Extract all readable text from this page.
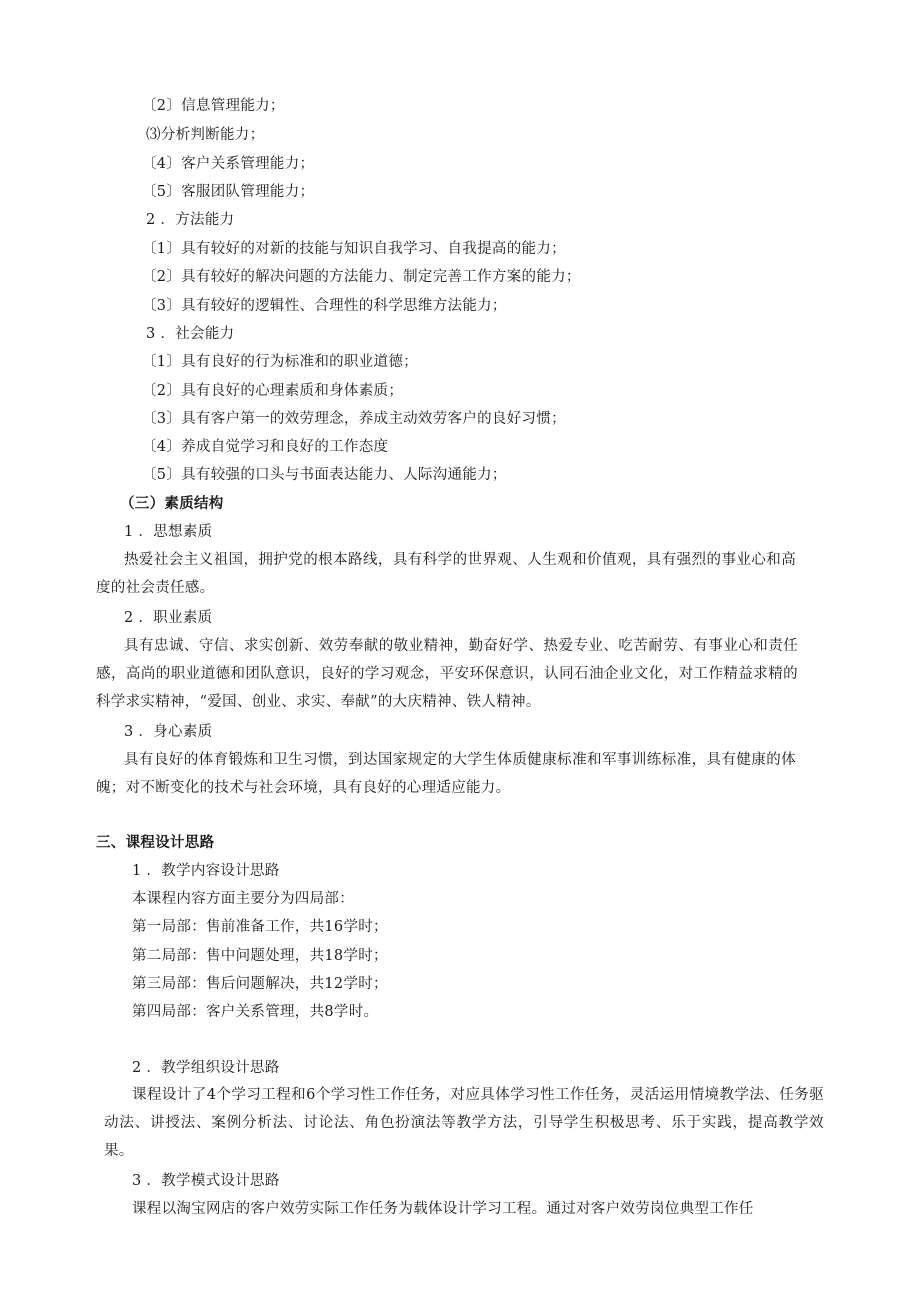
〔2〕信息管理能力；
⑶分析判断能力；
〔4〕客户关系管理能力；
〔5〕客服团队管理能力；
2 ．方法能力
〔1〕具有较好的对新的技能与知识自我学习、自我提高的能力；
〔2〕具有较好的解决问题的方法能力、制定完善工作方案的能力；
〔3〕具有较好的逻辑性、合理性的科学思维方法能力；
3 ．社会能力
〔1〕具有良好的行为标准和的职业道德；
〔2〕具有良好的心理素质和身体素质；
〔3〕具有客户第一的效劳理念，养成主动效劳客户的良好习惯；
〔4〕养成自觉学习和良好的工作态度
〔5〕具有较强的口头与书面表达能力、人际沟通能力；
（三）素质结构
1 ．思想素质
热爱社会主义祖国，拥护党的根本路线，具有科学的世界观、人生观和价值观，具有强烈的事业心和高度的社会责任感。
2 ．职业素质
具有忠诚、守信、求实创新、效劳奉献的敬业精神，勤奋好学、热爱专业、吃苦耐劳、有事业心和责任感，高尚的职业道德和团队意识，良好的学习观念，平安环保意识，认同石油企业文化，对工作精益求精的科学求实精神，“爱国、创业、求实、奉献”的大庆精神、铁人精神。
3 ．身心素质
具有良好的体育锻炼和卫生习惯，到达国家规定的大学生体质健康标准和军事训练标准，具有健康的体魄；对不断变化的技术与社会环境，具有良好的心理适应能力。
三、课程设计思路
1 ．教学内容设计思路
本课程内容方面主要分为四局部：
第一局部：售前准备工作，共16学时；
第二局部：售中问题处理，共18学时；
第三局部：售后问题解决，共12学时；
第四局部：客户关系管理，共8学时。
2 ．教学组织设计思路
课程设计了4个学习工程和6个学习性工作任务，对应具体学习性工作任务，灵活运用情境教学法、任务驱动法、讲授法、案例分析法、讨论法、角色扮演法等教学方法，引导学生积极思考、乐于实践，提高教学效果。
3 ．教学模式设计思路
课程以淘宝网店的客户效劳实际工作任务为载体设计学习工程。通过对客户效劳岗位典型工作任
